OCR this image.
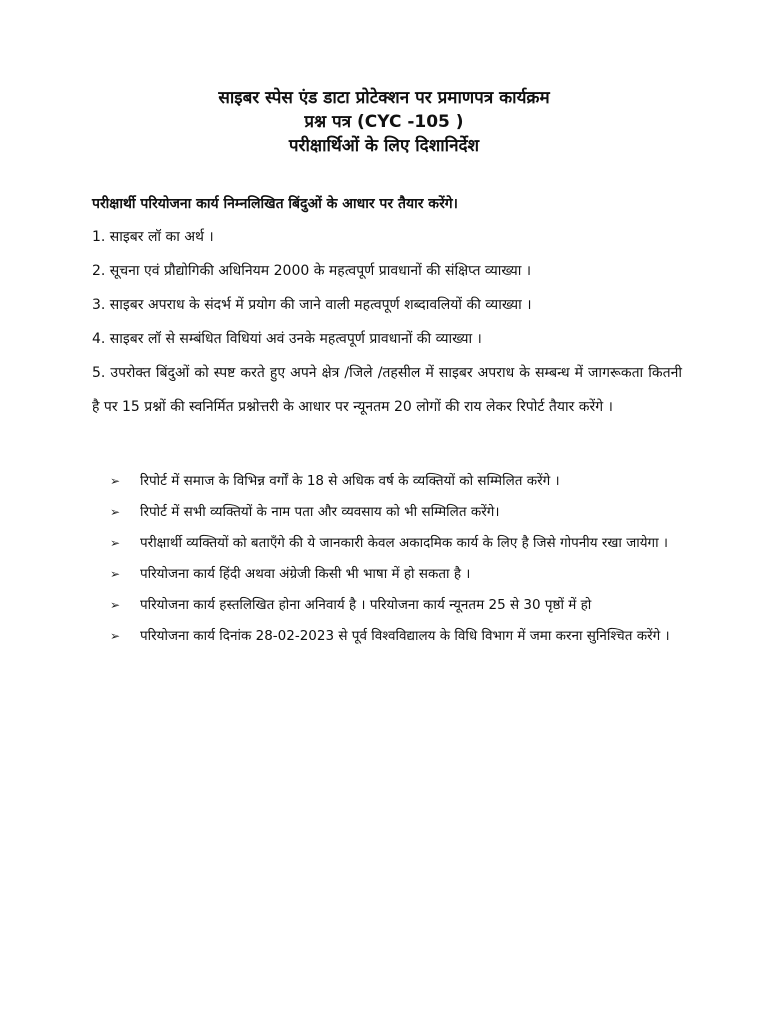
साइबर स्पेस एंड डाटा प्रोटेक्शन पर प्रमाणपत्र कार्यक्रम
प्रश्न पत्र (CYC -105 )
परीक्षार्थिओं के लिए दिशानिर्देश
परीक्षार्थी परियोजना कार्य निम्नलिखित बिंदुओं के आधार पर तैयार करेंगे।
1. साइबर लॉ का अर्थ ।
2. सूचना एवं प्रौद्योगिकी अधिनियम 2000 के महत्वपूर्ण प्रावधानों की संक्षिप्त व्याख्या ।
3. साइबर अपराध के संदर्भ में प्रयोग की जाने वाली महत्वपूर्ण शब्दावलियों की व्याख्या ।
4. साइबर लॉ से सम्बंधित विधियां अवं उनके महत्वपूर्ण प्रावधानों की व्याख्या ।
5. उपरोक्त बिंदुओं को स्पष्ट करते हुए अपने क्षेत्र /जिले /तहसील में साइबर अपराध के सम्बन्ध में जागरूकता कितनी है पर 15 प्रश्नों की स्वनिर्मित प्रश्नोत्तरी के आधार पर न्यूनतम 20 लोगों की राय लेकर रिपोर्ट तैयार करेंगे ।
➢	रिपोर्ट में समाज के विभिन्न वर्गों के 18 से अधिक वर्ष के व्यक्तियों को सम्मिलित करेंगे ।
➢	रिपोर्ट में सभी व्यक्तियों के नाम पता और व्यवसाय को भी सम्मिलित करेंगे।
➢	परीक्षार्थी व्यक्तियों को बताएँगे की ये जानकारी केवल अकादमिक कार्य के लिए है जिसे गोपनीय रखा जायेगा ।
➢	परियोजना कार्य हिंदी अथवा अंग्रेजी किसी भी भाषा में हो सकता है ।
➢	परियोजना कार्य हस्तलिखित होना अनिवार्य है । परियोजना कार्य न्यूनतम 25 से 30 पृष्ठों में हो
➢	परियोजना कार्य दिनांक 28-02-2023 से पूर्व विश्वविद्यालय के विधि विभाग में जमा करना सुनिश्चित करेंगे ।
